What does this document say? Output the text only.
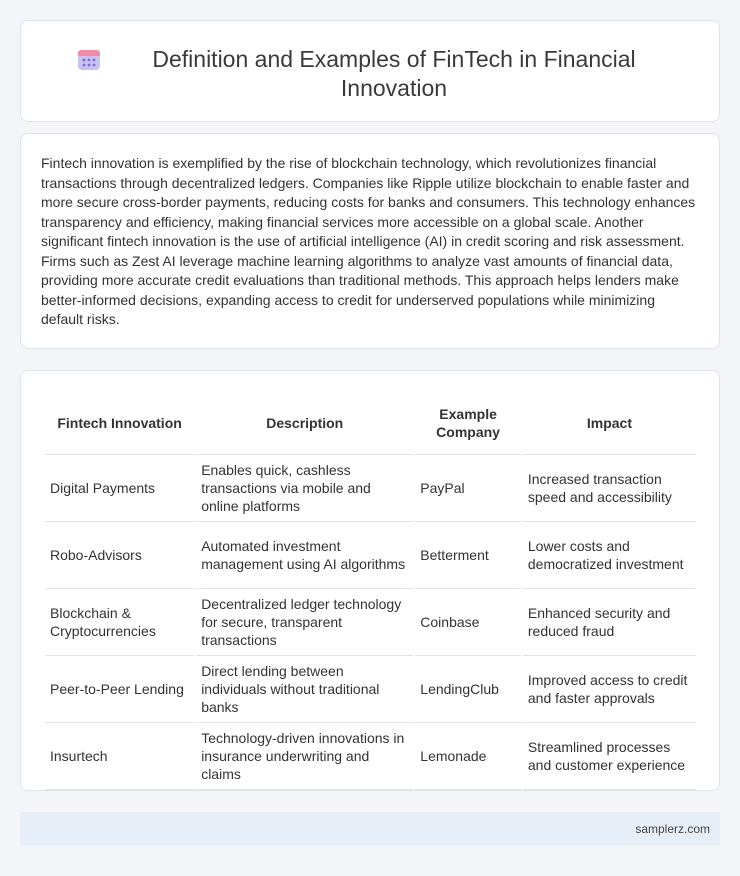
Definition and Examples of FinTech in Financial Innovation

Fintech innovation is exemplified by the rise of blockchain technology, which revolutionizes financial transactions through decentralized ledgers. Companies like Ripple utilize blockchain to enable faster and more secure cross-border payments, reducing costs for banks and consumers. This technology enhances transparency and efficiency, making financial services more accessible on a global scale. Another significant fintech innovation is the use of artificial intelligence (AI) in credit scoring and risk assessment. Firms such as Zest AI leverage machine learning algorithms to analyze vast amounts of financial data, providing more accurate credit evaluations than traditional methods. This approach helps lenders make better-informed decisions, expanding access to credit for underserved populations while minimizing default risks.

Fintech Innovation	Description	Example Company	Impact
Digital Payments	Enables quick, cashless transactions via mobile and online platforms	PayPal	Increased transaction speed and accessibility
Robo-Advisors	Automated investment management using AI algorithms	Betterment	Lower costs and democratized investment
Blockchain & Cryptocurrencies	Decentralized ledger technology for secure, transparent transactions	Coinbase	Enhanced security and reduced fraud
Peer-to-Peer Lending	Direct lending between individuals without traditional banks	LendingClub	Improved access to credit and faster approvals
Insurtech	Technology-driven innovations in insurance underwriting and claims	Lemonade	Streamlined processes and customer experience
samplerz.com
